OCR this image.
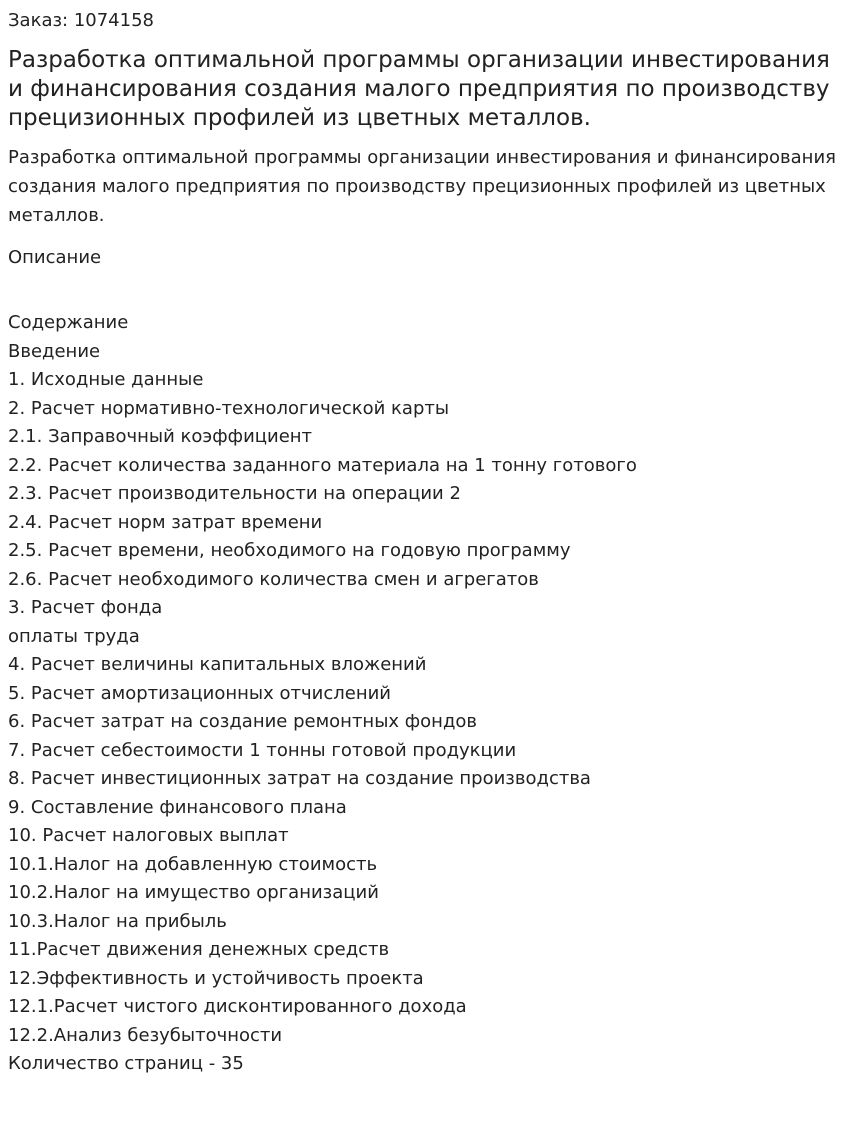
Заказ: 1074158
Разработка оптимальной программы организации инвестирования и финансирования создания малого предприятия по производству прецизионных профилей из цветных металлов.
Разработка оптимальной программы организации инвестирования и финансирования создания малого предприятия по производству прецизионных профилей из цветных металлов.
Описание
Содержание
Введение
1. Исходные данные
2. Расчет нормативно-технологической карты
2.1. Заправочный коэффициент
2.2. Расчет количества заданного материала на 1 тонну готового
2.3. Расчет производительности на операции 2
2.4. Расчет норм затрат времени
2.5. Расчет времени, необходимого на годовую программу
2.6. Расчет необходимого количества смен и агрегатов
3. Расчет фонда
оплаты труда
4. Расчет величины капитальных вложений
5. Расчет амортизационных отчислений
6. Расчет затрат на создание ремонтных фондов
7. Расчет себестоимости 1 тонны готовой продукции
8. Расчет инвестиционных затрат на создание производства
9. Составление финансового плана
10. Расчет налоговых выплат
10.1.Налог на добавленную стоимость
10.2.Налог на имущество организаций
10.3.Налог на прибыль
11.Расчет движения денежных средств
12.Эффективность и устойчивость проекта
12.1.Расчет чистого дисконтированного дохода
12.2.Анализ безубыточности
Количество страниц - 35
